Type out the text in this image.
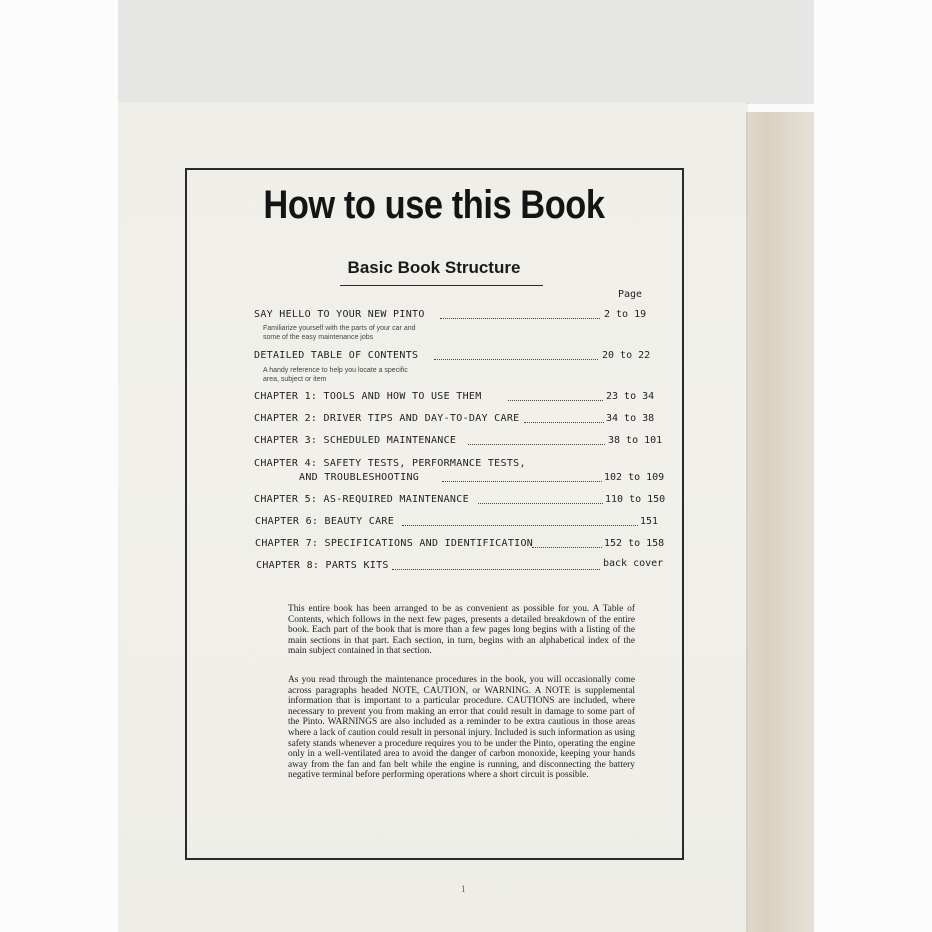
How to use this Book
Basic Book Structure
Page
SAY HELLO TO YOUR NEW PINTO	2 to 19
Familiarize yourself with the parts of your car and some of the easy maintenance jobs
DETAILED TABLE OF CONTENTS	20 to 22
A handy reference to help you locate a specific area, subject or item
CHAPTER 1: TOOLS AND HOW TO USE THEM	23 to 34
CHAPTER 2: DRIVER TIPS AND DAY-TO-DAY CARE	34 to 38
CHAPTER 3: SCHEDULED MAINTENANCE	38 to 101
CHAPTER 4: SAFETY TESTS, PERFORMANCE TESTS,
AND TROUBLESHOOTING	102 to 109
CHAPTER 5: AS-REQUIRED MAINTENANCE	110 to 150
CHAPTER 6: BEAUTY CARE	151
CHAPTER 7: SPECIFICATIONS AND IDENTIFICATION	152 to 158
CHAPTER 8: PARTS KITS	back cover
This entire book has been arranged to be as convenient as possible for you. A Table of Contents, which follows in the next few pages, presents a detailed breakdown of the entire book. Each part of the book that is more than a few pages long begins with a listing of the main sections in that part. Each section, in turn, begins with an alphabetical index of the main subject contained in that section.
As you read through the maintenance procedures in the book, you will occasionally come across paragraphs headed NOTE, CAUTION, or WARNING. A NOTE is supplemental information that is important to a particular procedure. CAUTIONS are included, where necessary to prevent you from making an error that could result in damage to some part of the Pinto. WARNINGS are also included as a reminder to be extra cautious in those areas where a lack of caution could result in personal injury. Included is such information as using safety stands whenever a procedure requires you to be under the Pinto, operating the engine only in a well-ventilated area to avoid the danger of carbon monoxide, keeping your hands away from the fan and fan belt while the engine is running, and disconnecting the battery negative terminal before performing operations where a short circuit is possible.
1
